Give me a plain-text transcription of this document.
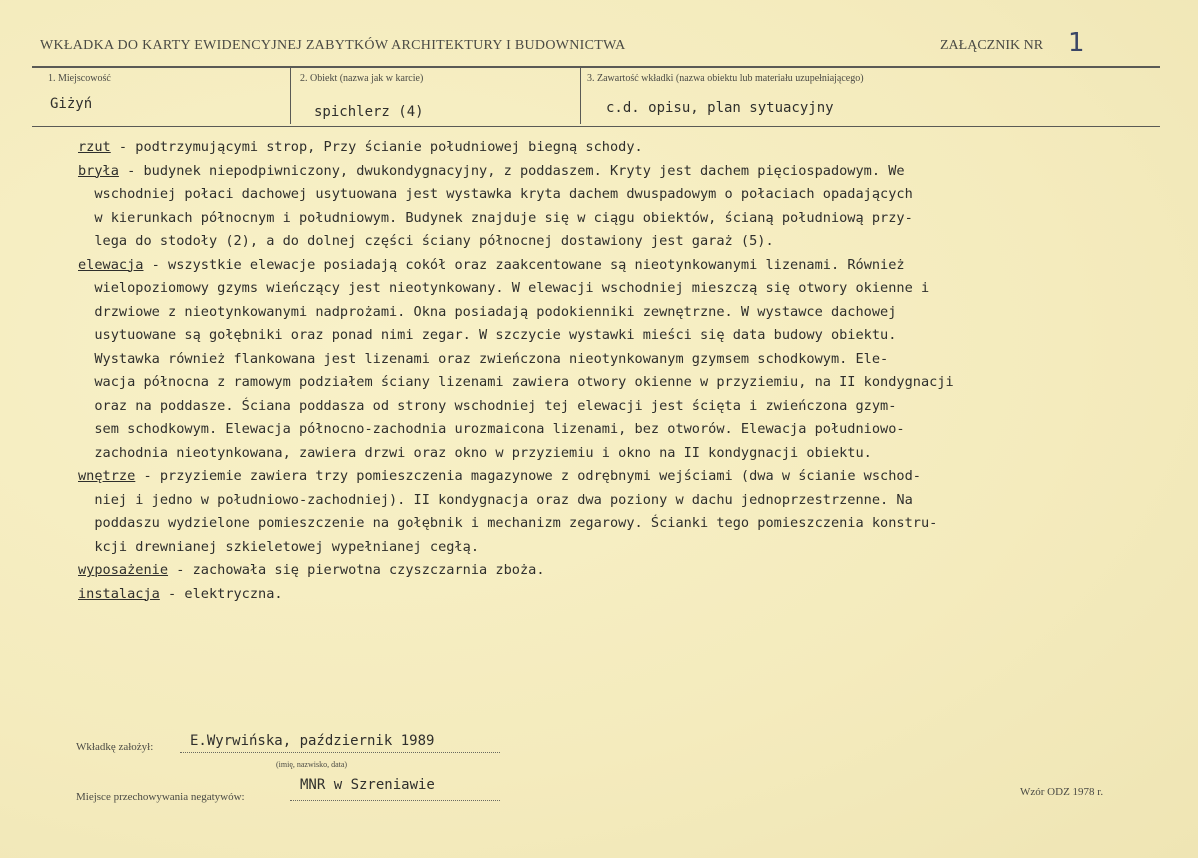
WKŁADKA DO KARTY EWIDENCYJNEJ ZABYTKÓW ARCHITEKTURY I BUDOWNICTWA	ZAŁĄCZNIK NR 1
1. Miejscowość
Giżyń
2. Obiekt (nazwa jak w karcie)
spichlerz (4)
3. Zawartość wkładki (nazwa obiektu lub materiału uzupełniającego)
c.d. opisu, plan sytuacyjny
rzut - podtrzymującymi strop, Przy ścianie południowej biegną schody.
bryła - budynek niepodpiwniczony, dwukondygnacyjny, z poddaszem. Kryty jest dachem pięciospadowym. We
wschodniej połaci dachowej usytuowana jest wystawka kryta dachem dwuspadowym o połaciach opadających
w kierunkach północnym i południowym. Budynek znajduje się w ciągu obiektów, ścianą południową przy-
lega do stodoły (2), a do dolnej części ściany północnej dostawiony jest garaż (5).
elewacja - wszystkie elewacje posiadają cokół oraz zaakcentowane są nieotynkowanymi lizenami. Również
wielopoziomowy gzyms wieńczący jest nieotynkowany. W elewacji wschodniej mieszczą się otwory okienne i
drzwiowe z nieotynkowanymi nadprożami. Okna posiadają podokienniki zewnętrzne. W wystawce dachowej
usytuowane są gołębniki oraz ponad nimi zegar. W szczycie wystawki mieści się data budowy obiektu.
Wystawka również flankowana jest lizenami oraz zwieńczona nieotynkowanym gzymsem schodkowym. Ele-
wacja północna z ramowym podziałem ściany lizenami zawiera otwory okienne w przyziemiu, na II kondygnacji
oraz na poddasze. Ściana poddasza od strony wschodniej tej elewacji jest ścięta i zwieńczona gzym-
sem schodkowym. Elewacja północno-zachodnia urozmaicona lizenami, bez otworów. Elewacja południowo-
zachodnia nieotynkowana, zawiera drzwi oraz okno w przyziemiu i okno na II kondygnacji obiektu.
wnętrze - przyziemie zawiera trzy pomieszczenia magazynowe z odrębnymi wejściami (dwa w ścianie wschod-
niej i jedno w południowo-zachodniej). II kondygnacja oraz dwa poziony w dachu jednoprzestrzenne. Na
poddaszu wydzielone pomieszczenie na gołębnik i mechanizm zegarowy. Ścianki tego pomieszczenia konstru-
kcji drewnianej szkieletowej wypełnianej cegłą.
wyposażenie - zachowała się pierwotna czyszczarnia zboża.
instalacja - elektryczna.
Wkładkę założył:	E.Wyrwińska, październik 1989
(imię, nazwisko, data)
Miejsce przechowywania negatywów:
MNR w Szreniawie	Wzór ODZ 1978 r.
